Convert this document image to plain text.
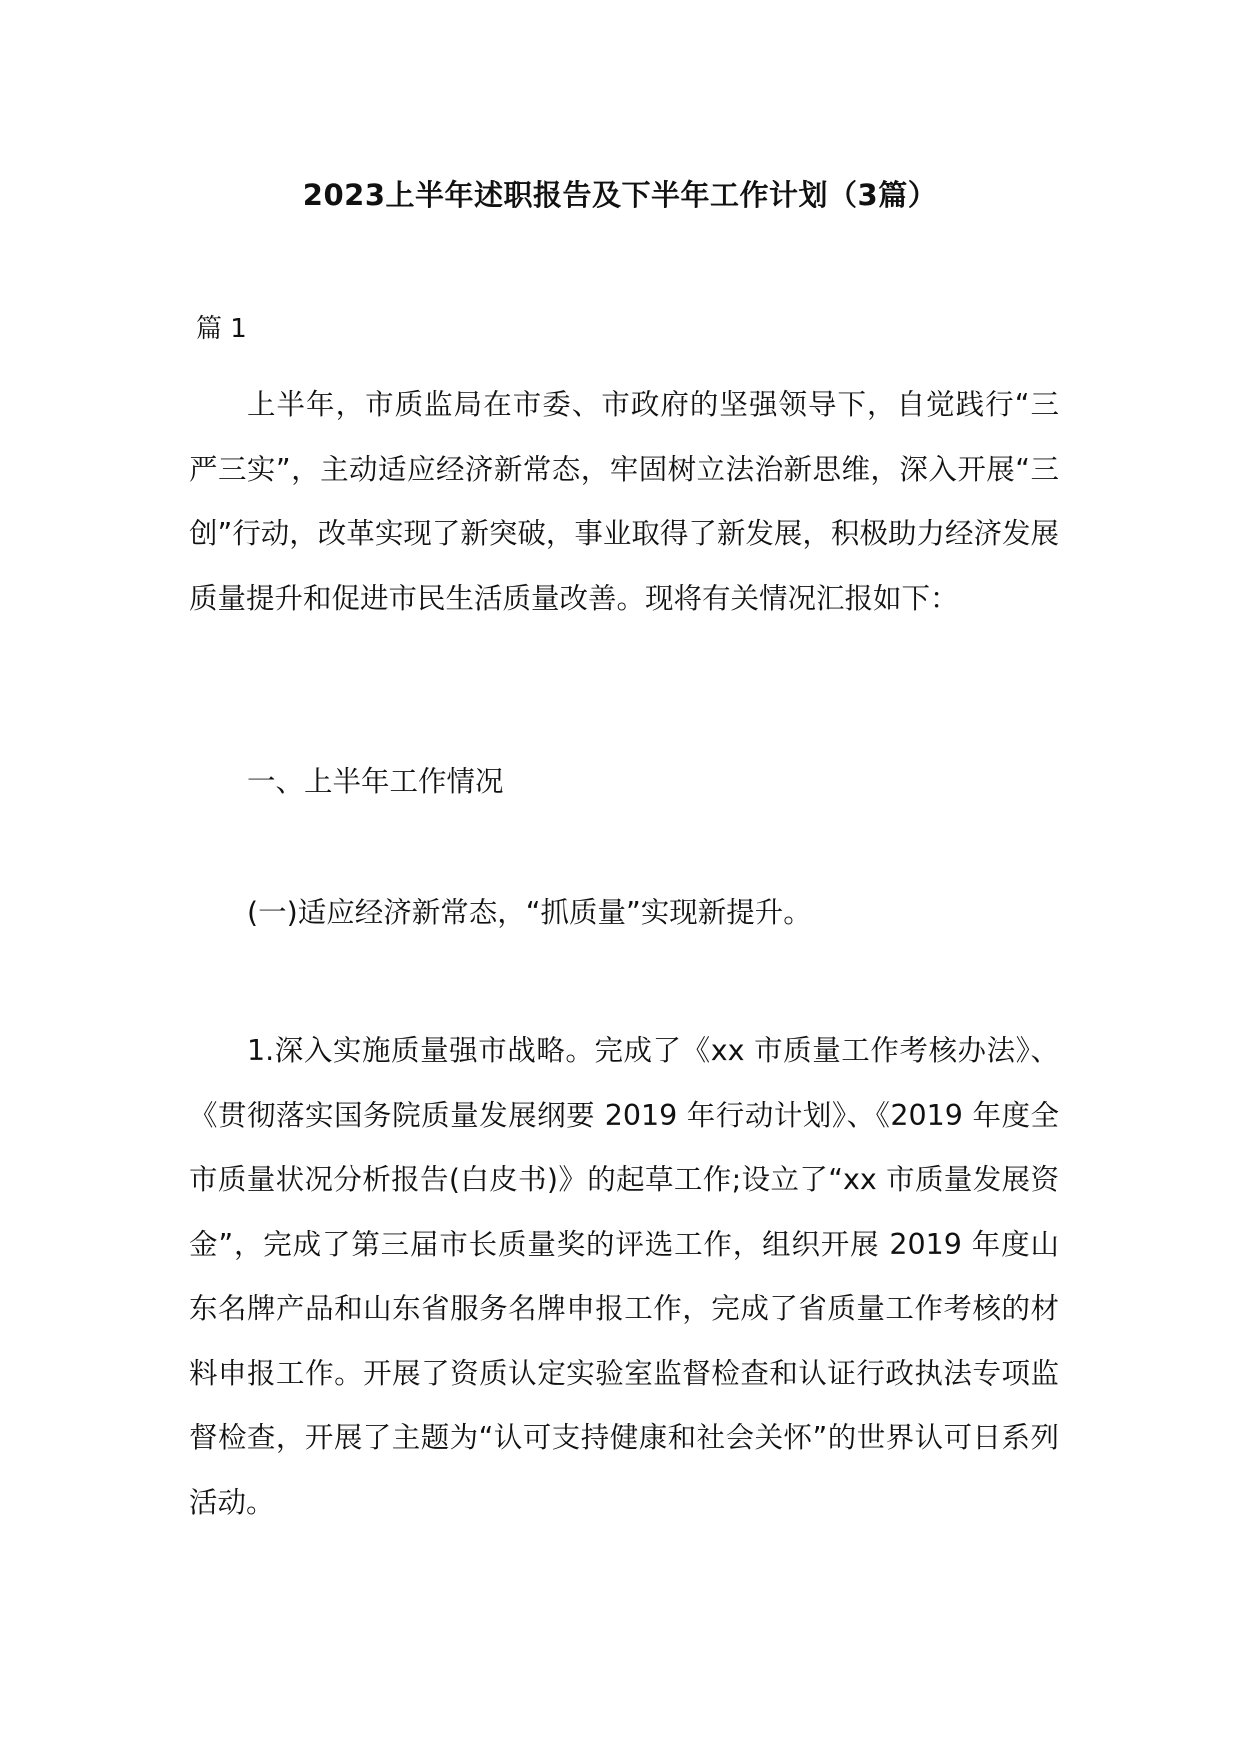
2023上半年述职报告及下半年工作计划（3篇）
篇 1

上半年，市质监局在市委、市政府的坚强领导下，自觉践行“三严三实”，主动适应经济新常态，牢固树立法治新思维，深入开展“三创”行动，改革实现了新突破，事业取得了新发展，积极助力经济发展质量提升和促进市民生活质量改善。现将有关情况汇报如下：

一、上半年工作情况
(一)适应经济新常态，“抓质量”实现新提升。

1.深入实施质量强市战略。完成了《xx 市质量工作考核办法》、《贯彻落实国务院质量发展纲要 2019 年行动计划》、《2019 年度全市质量状况分析报告(白皮书)》的起草工作;设立了“xx 市质量发展资金”，完成了第三届市长质量奖的评选工作，组织开展 2019 年度山东名牌产品和山东省服务名牌申报工作，完成了省质量工作考核的材料申报工作。开展了资质认定实验室监督检查和认证行政执法专项监督检查，开展了主题为“认可支持健康和社会关怀”的世界认可日系列活动。
